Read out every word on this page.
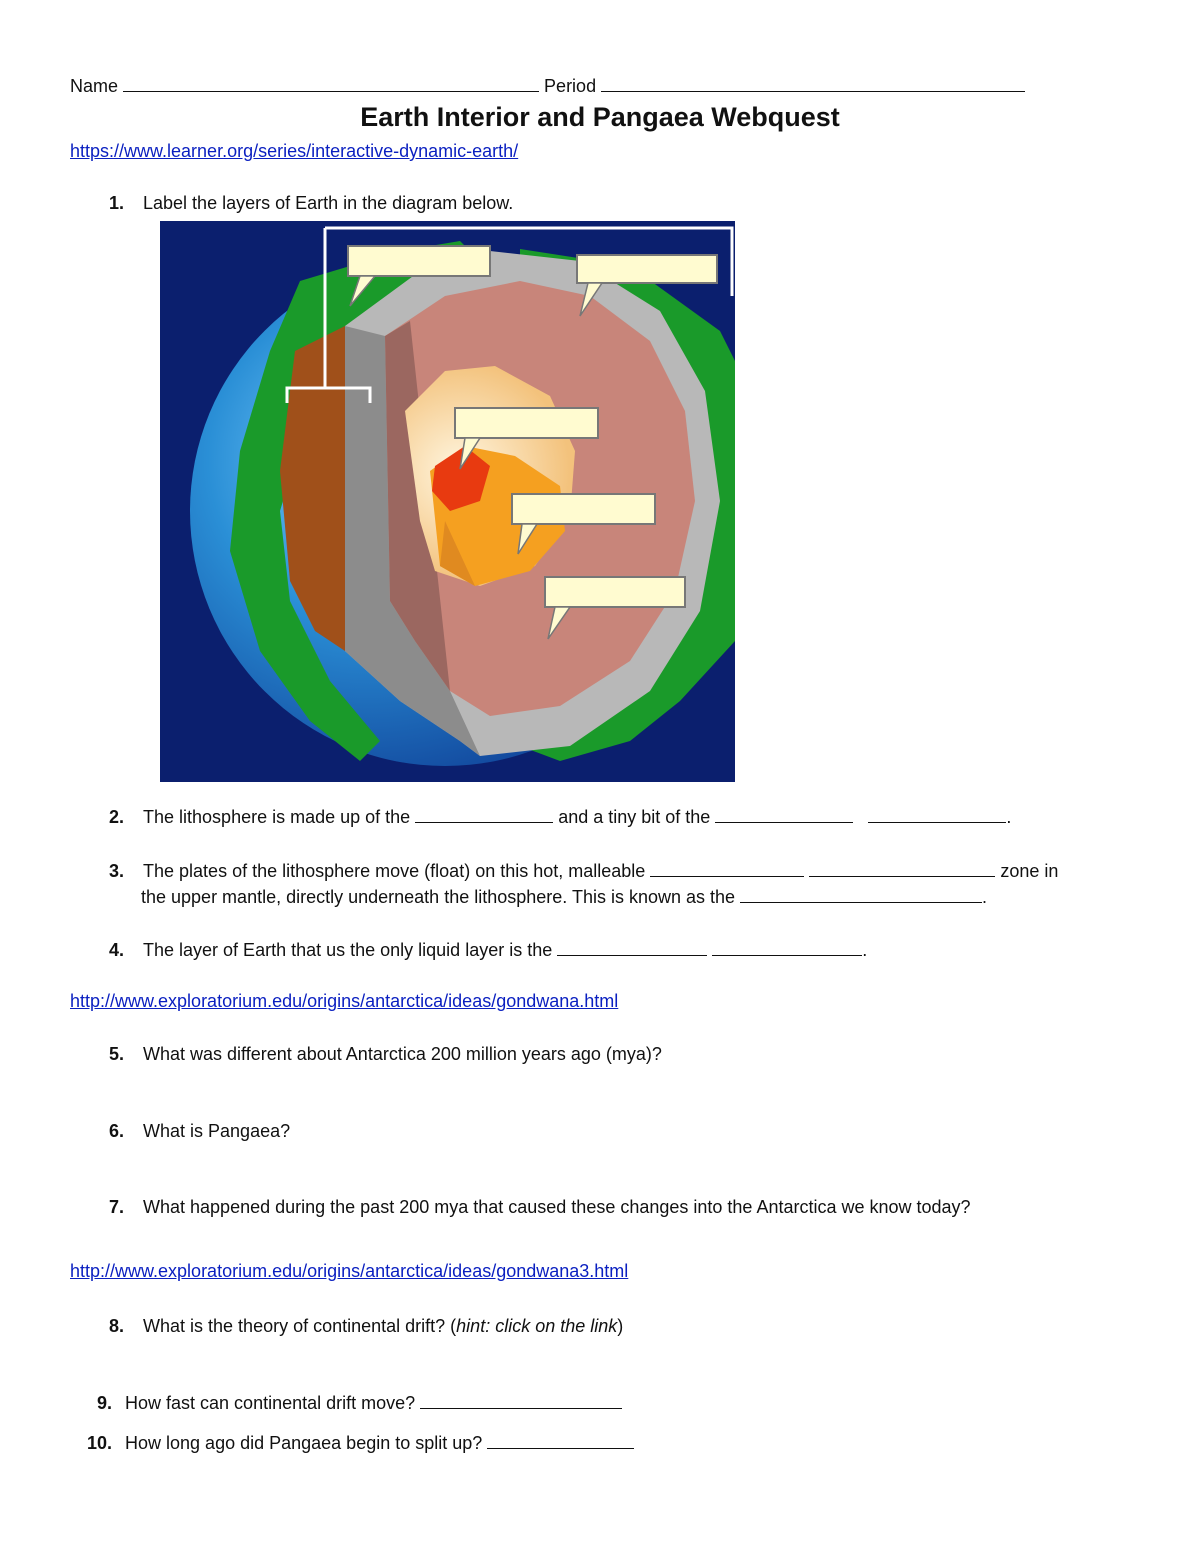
Name	Period
Earth Interior and Pangaea Webquest
https://www.learner.org/series/interactive-dynamic-earth/
1. Label the layers of Earth in the diagram below.
2. The lithosphere is made up of the	and a tiny bit of the	.
3. The plates of the lithosphere move (float) on this hot, malleable	zone in
the upper mantle, directly underneath the lithosphere. This is known as the	.
4. The layer of Earth that us the only liquid layer is the	.
http://www.exploratorium.edu/origins/antarctica/ideas/gondwana.html
5. What was different about Antarctica 200 million years ago (mya)?
6. What is Pangaea?
7. What happened during the past 200 mya that caused these changes into the Antarctica we know today?
http://www.exploratorium.edu/origins/antarctica/ideas/gondwana3.html
8. What is the theory of continental drift? (hint: click on the link)
9. How fast can continental drift move?
10. How long ago did Pangaea begin to split up?
